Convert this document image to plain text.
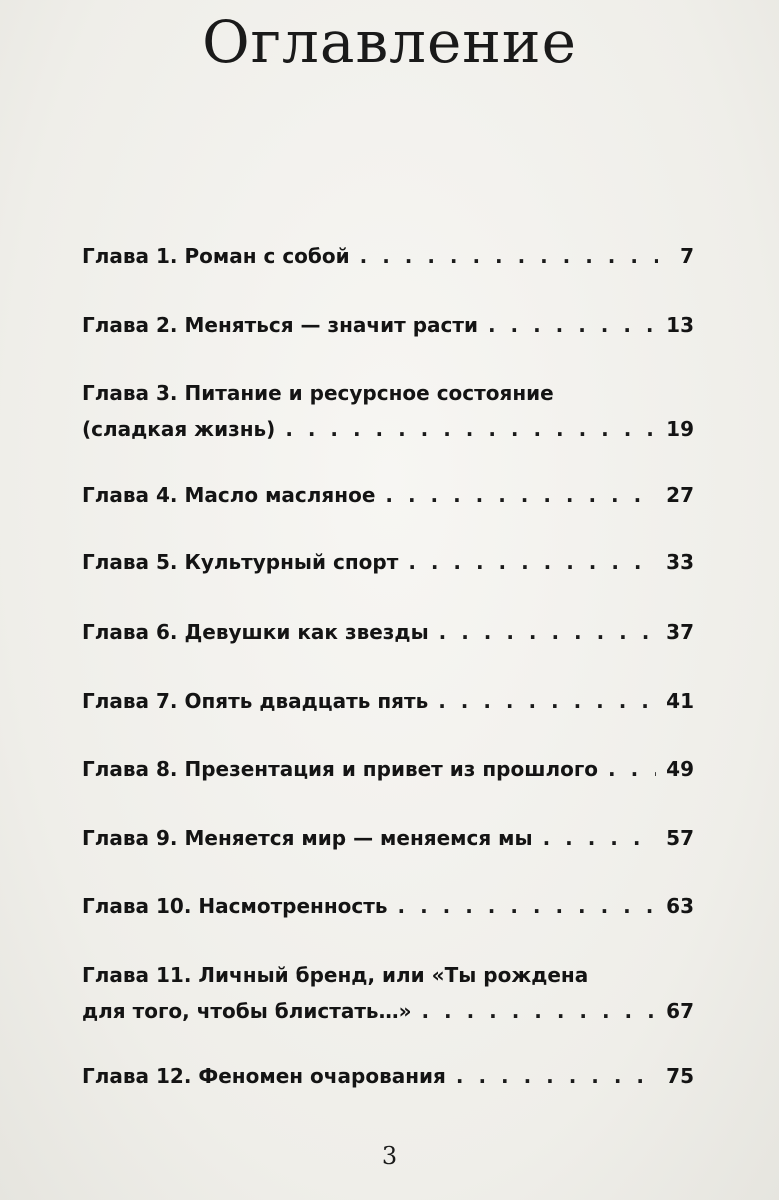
Оглавление
Глава 1. Роман с собой . . .	7
Глава 2. Меняться — значит расти . . .	13
Глава 3. Питание и ресурсное состояние
(сладкая жизнь) . . .	19
Глава 4. Масло масляное . . .	27
Глава 5. Культурный спорт . . .	33
Глава 6. Девушки как звезды . . .	37
Глава 7. Опять двадцать пять . . .	41
Глава 8. Презентация и привет из прошлого . . .	49
Глава 9. Меняется мир — меняемся мы . . .	57
Глава 10. Насмотренность . . .	63
Глава 11. Личный бренд, или «Ты рождена
для того, чтобы блистать…» . . .	67
Глава 12. Феномен очарования . . .	75
3
